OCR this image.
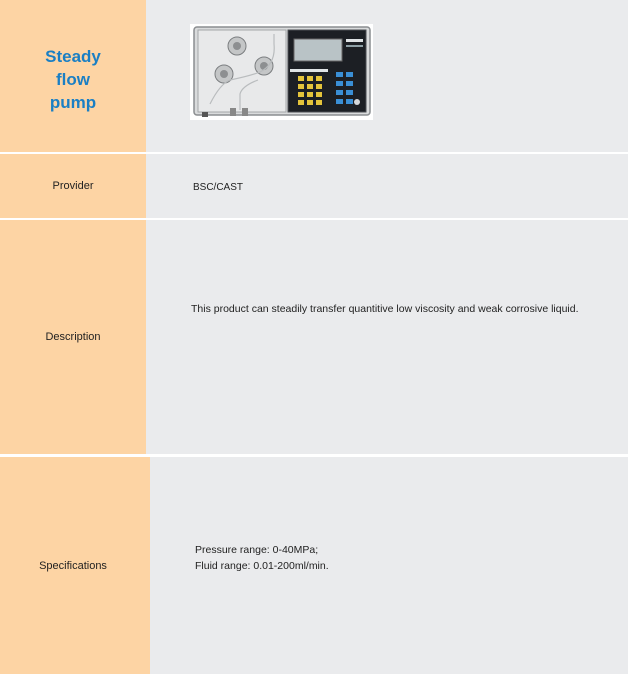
Steady
flow
pump
Provider	BSC/CAST
Description
This product can steadily transfer quantitive low viscosity and weak corrosive liquid.
Specifications
Pressure range: 0-40MPa;
Fluid range: 0.01-200ml/min.
